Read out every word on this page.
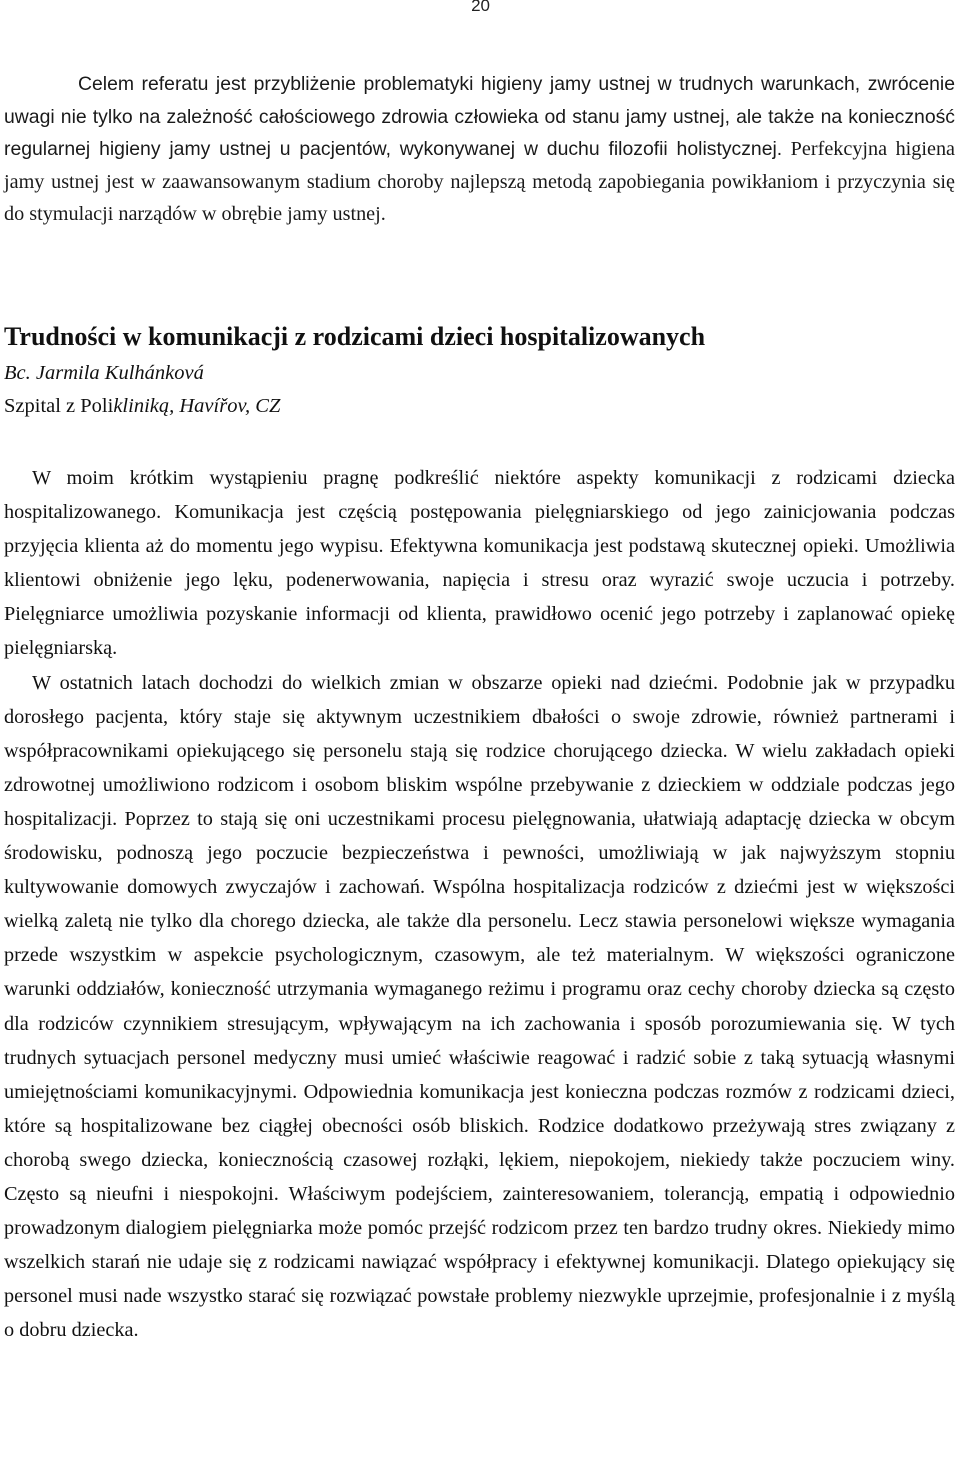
20

Celem referatu jest przybliżenie problematyki higieny jamy ustnej w trudnych warunkach, zwrócenie uwagi nie tylko na zależność całościowego zdrowia człowieka od stanu jamy ustnej, ale także na konieczność regularnej higieny jamy ustnej u pacjentów, wykonywanej w duchu filozofii holistycznej. Perfekcyjna higiena jamy ustnej jest w zaawansowanym stadium choroby najlepszą metodą zapobiegania powikłaniom i przyczynia się do stymulacji narządów w obrębie jamy ustnej.

Trudności w komunikacji z rodzicami dzieci hospitalizowanych

Bc. Jarmila Kulhánková

Szpital z Polikliniką, Havířov, CZ

W moim krótkim wystąpieniu pragnę podkreślić niektóre aspekty komunikacji z rodzicami dziecka hospitalizowanego. Komunikacja jest częścią postępowania pielęgniarskiego od jego zainicjowania podczas przyjęcia klienta aż do momentu jego wypisu. Efektywna komunikacja jest podstawą skutecznej opieki. Umożliwia klientowi obniżenie jego lęku, podenerwowania, napięcia i stresu oraz wyrazić swoje uczucia i potrzeby. Pielęgniarce umożliwia pozyskanie informacji od klienta, prawidłowo ocenić jego potrzeby i zaplanować opiekę pielęgniarską.
W ostatnich latach dochodzi do wielkich zmian w obszarze opieki nad dziećmi. Podobnie jak w przypadku dorosłego pacjenta, który staje się aktywnym uczestnikiem dbałości o swoje zdrowie, również partnerami i współpracownikami opiekującego się personelu stają się rodzice chorującego dziecka. W wielu zakładach opieki zdrowotnej umożliwiono rodzicom i osobom bliskim wspólne przebywanie z dzieckiem w oddziale podczas jego hospitalizacji. Poprzez to stają się oni uczestnikami procesu pielęgnowania, ułatwiają adaptację dziecka w obcym środowisku, podnoszą jego poczucie bezpieczeństwa i pewności, umożliwiają w jak najwyższym stopniu kultywowanie domowych zwyczajów i zachowań. Wspólna hospitalizacja rodziców z dziećmi jest w większości wielką zaletą nie tylko dla chorego dziecka, ale także dla personelu. Lecz stawia personelowi większe wymagania przede wszystkim w aspekcie psychologicznym, czasowym, ale też materialnym. W większości ograniczone warunki oddziałów, konieczność utrzymania wymaganego reżimu i programu oraz cechy choroby dziecka są często dla rodziców czynnikiem stresującym, wpływającym na ich zachowania i sposób porozumiewania się. W tych trudnych sytuacjach personel medyczny musi umieć właściwie reagować i radzić sobie z taką sytuacją własnymi umiejętnościami komunikacyjnymi. Odpowiednia komunikacja jest konieczna podczas rozmów z rodzicami dzieci, które są hospitalizowane bez ciągłej obecności osób bliskich. Rodzice dodatkowo przeżywają stres związany z chorobą swego dziecka, koniecznością czasowej rozłąki, lękiem, niepokojem, niekiedy także poczuciem winy. Często są nieufni i niespokojni. Właściwym podejściem, zainteresowaniem, tolerancją, empatią i odpowiednio prowadzonym dialogiem pielęgniarka może pomóc przejść rodzicom przez ten bardzo trudny okres. Niekiedy mimo wszelkich starań nie udaje się z rodzicami nawiązać współpracy i efektywnej komunikacji. Dlatego opiekujący się personel musi nade wszystko starać się rozwiązać powstałe problemy niezwykle uprzejmie, profesjonalnie i z myślą o dobru dziecka.
